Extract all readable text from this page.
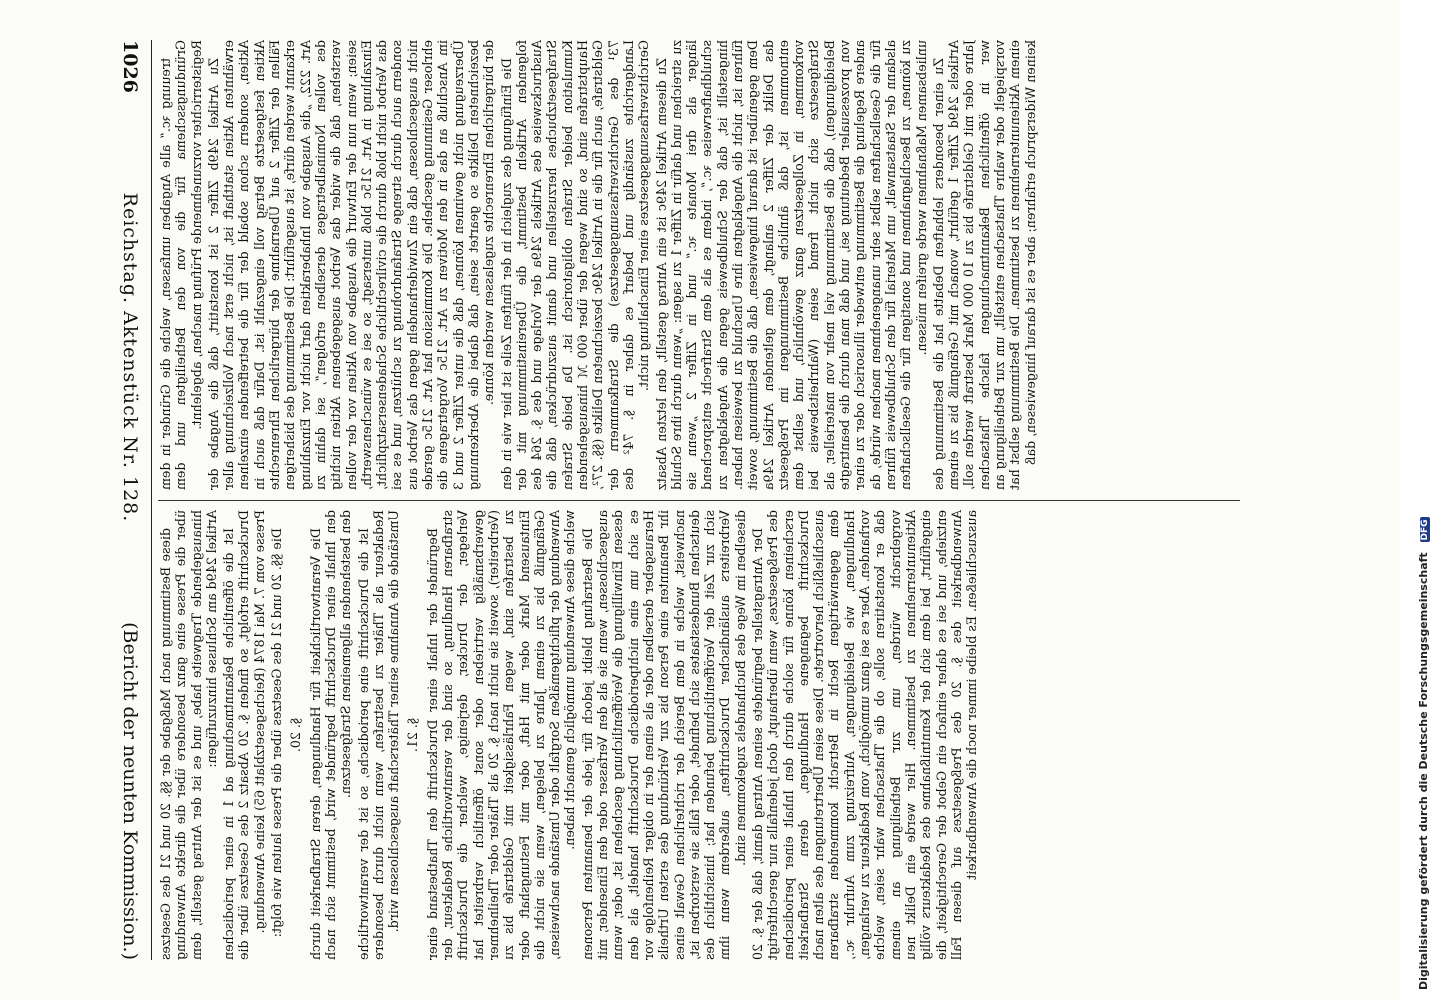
1026
Reichstag. Aktenstück Nr. 128.
(Bericht der neunten Kommission.)

treuung ꝛc.“ alle Angaben umfassen, welche die Gründer in dem Gründungsschema für die von den Betheiligten und dem Registerrichter vorzunehmende Prüfung machen, abgelehnt. Zu Artikel 249b Ziffer 2 ist konstatirt, daß die Angabe der erwähnten Aktien statthaft ist, nicht erst nach Vollzeichnung aller Aktien, sondern schon sobald der für die betreffenden einzelnen Aktien festgesetzte Betrag voll eingezahlt ist. Dafür daß auch in Fällen der Ziffer 2 auf Übernahme der bürgerlichen Ehrenrechte erkannt werden dürfe, ist ausgeführt: Die Bestimmung des bisherigen Art. 222, „die Ausgabe von Inhaberaktien darf nicht vor Einzahlung des vollen Nominalbetrages derselben erfolgen“, sei dahin zu verstehen, daß die wider das Verbot ausgegebenen Aktien nichtig seien; wenn nun der Entwurf die Ausgabe von Aktien vor der vollen Einzahlung in Art. 215c bloß untersagt, so sei es wünschenswerth, das Verbot nicht bloß durch die civilrechtliche Schadensersatzpflicht, sondern auch durch strenge Strafandrohung zu schützen, und es sei nicht ausgeschlossen, daß ein Zuwiderhandeln gegen das Verbot aus ehrloser Gesinnung geschehe. Die Kommission hat Art. 215c gerade im Anschluß an das in den Motiven zu Art. 215c Vorgetragene die Überzeugung nicht gewinnen können, daß die unter Ziffer 2 und 3 bezeichneten Delikte so geartet seien, daß dabei die Aberkennung der bürgerlichen Ehrenrechte zugelassen werden könne. Die Einfügung des zugleich in der fünften Zeile ist hier wie in den folgenden Artikeln bestimmt, die Übereinstimmung mit der Ausdrucksweise des Artikels 249a der Vorlage und des §. 264 des Strafgesetzbuches herzustellen und damit auszudrücken, daß die Kumulation beider Strafen obligatorisch ist. Da beide Strafen Hauptstrafen sind, so sind wegen der über 600 ℳ hinausgehenden Geldstrafe, auch für die in Artikel 249c bezeichneten Delikte (§§. 27², 73¹ des Gerichtsverfassungsgesetzes) die Strafkammern der Landgerichte zuständig und bedarf es daher in §. 74² des Gerichtsverfassungsgesetzes einer Einschaltung nicht. Zu diesem Artikel 249c ist ein Antrag gestellt, den letzten Absatz zu streichen und dafür in Ziffer 1 zu sagen: „wenn durch ihre Schuld länger als drei Monate ꝛc.“ und in Ziffer 2 „wenn sie schuldhafterweise ꝛc.“, indem es als dem Strafrecht entsprechend hingestellt ist, daß der Schuldbeweis gegen die Angeklagten zu führen ist, nicht die Angeklagten ihre Unschuld zu beweisen haben. Dem gegenüber ist darauf hingewiesen, daß die Bestimmung, soweit das Delikt der Ziffer 2 anlangt, dem geltenden Artikel 249a entnommen ist, daß ähnliche Bestimmungen im Preßgesetz vorkommen, in Zollgesetzen ganz gewöhnlich, und selbst dem Strafgesetze sich nicht fremd seien (Wahrheitsbeweis bei Beleidigungen), daß die Bestimmung viel mehr von materieller, als von prozessualer Bedeutung sei, und daß man durch die beantragte andere Regelung die Bestimmung entweder illusorisch oder zu einer für die Gesellschaften selbst sehr unangenehmen machen würde, da alsdann der Staatsanwalt, um Material für den Schuldbeweis führen zu können, zu Beschlagnahmen und sonstigen für die Gesellschaften unliebsamen Maßnahmen werde greifen müssen. Zu einer besonders lebhaften Debatte hat die Bestimmung des Artikels 249d Ziffer 1 geführt, wonach mit Gefängniß bis zu einem Jahre oder mit Geldstrafe bis zu 10 000 Mark bestraft werden soll, wer in öffentlichen Bekanntmachungen falsche Thatsachen vorspiegelt oder wahre Thatsachen entstellt, um zur Betheiligung an einem Aktienunternehmen zu bestimmen. Die Bestimmung selbst hat keinen Widerspruch erfahren; aber es ist darauf hingewiesen, daß

diese Bestimmung nach Maßgabe der §§. 20 und 21 des Gesetzes über die Presse eine ganz besondere über die direkte Anwendung hinausgehende Tragweite habe, und es ist der Antrag gestellt, dem Artikel 249d am Schlusse hinzuzufügen: Ist die öffentliche Bekanntmachung ad 1 in einer periodischen Druckschrift erfolgt, so finden §. 20 Absatz 2 des Gesetzes über die Presse vom 7. Mai 1874 (Reichsgesetzblatt 65) keine Anwendung. Die §§. 20 und 21 des Gesetzes über die Presse lauten wie folgt: §. 20. Die Verantwortlichkeit für Handlungen, deren Strafbarkeit durch den Inhalt einer Druckschrift begründet wird, bestimmt sich nach den bestehenden allgemeinen Strafgesetzen. Ist die Druckschrift eine periodische, so ist der verantwortliche Redakteur als Thäter zu bestrafen, wenn nicht durch besondere Umstände die Annahme seiner Thäterschaft ausgeschlossen wird. §. 21. Begründet der Inhalt einer Druckschrift den Thatbestand einer strafbaren Handlung, so sind der verantwortliche Redakteur, der Verleger, der Drucker, derjenige, welcher die Druckschrift gewerbsmäßig vertrieben oder sonst öffentlich verbreitet hat (Verbreiter), soweit sie nicht nach §. 20 als Thäter oder Theilnehmer zu bestrafen sind, wegen Fahrlässigkeit mit Geldstrafe bis zu Eintausend Mark oder mit Haft, oder mit Festungshaft oder Gefängniß bis zu einem Jahre zu belegen, wenn sie nicht die Anwendung der pflichtgemäßen Sorgfalt oder Umstände nachweisen, welche diese Anwendung unmöglich gemacht haben. Die Bestrafung bleibt jedoch für jede der benannten Personen ausgeschlossen, wenn sie als den Verfasser oder den Einsender, mit dessen Einwilligung die Veröffentlichung geschehen ist, oder, wenn es sich um eine nichtperiodische Druckschrift handelt, als den Herausgeber derselben oder als einen der in obiger Reihenfolge vor ihr Benannten eine Person bis zur Verkündung des ersten Urtheils nachweist, welche in dem Bereich der richterlichen Gewalt eines deutschen Bundesstaates sich befindet, oder falls sie verstorben ist, sich zur Zeit der Veröffentlichung befunden hat; hinsichtlich des Verbreiters ausländischer Druckschriften, außerdem wenn ihm dieselben im Wege des Buchhandels zugekommen sind. Der Antragsteller begründete seinen Antrag damit, daß der §. 20 des Preßgesetzes, wenn überhaupt, doch jedenfalls nur gerechtfertigt erscheinen könne für solche durch den Inhalt einer periodischen Druckschrift begangene Handlungen, deren Strafbarkeit ausschließlich hervortrete. Diese seien Übertretungen des alten nach dem gegenwärtigen Recht in Betracht kommenden strafbaren Handlungen, wie Beleidigungen, Aufreizung zum Aufruhr ꝛc., vorhanden. Aber es sei ganz unmöglich, vom Redakteur zu verlangen, daß er konstatiren solle, ob die Thatsachen wahr seien, welche vorgebracht würden, um zur Betheiligung an einem Aktienunternehmen zu bestimmen. Hier werde ein Delikt neu eingeführt, bei dem sich der Kenntnißnahme des Redakteurs völlig entziehe, und sei es daher einfach ein Gebot der Gerechtigkeit, die Anwendbarkeit des §. 20 des Preßgesetzes auf diesen Fall auszuschließen. Es bleibe immer noch die Anwendbarkeit	Digitalisierung gefördert durch die Deutsche Forschungsgemeinschaft DFG
